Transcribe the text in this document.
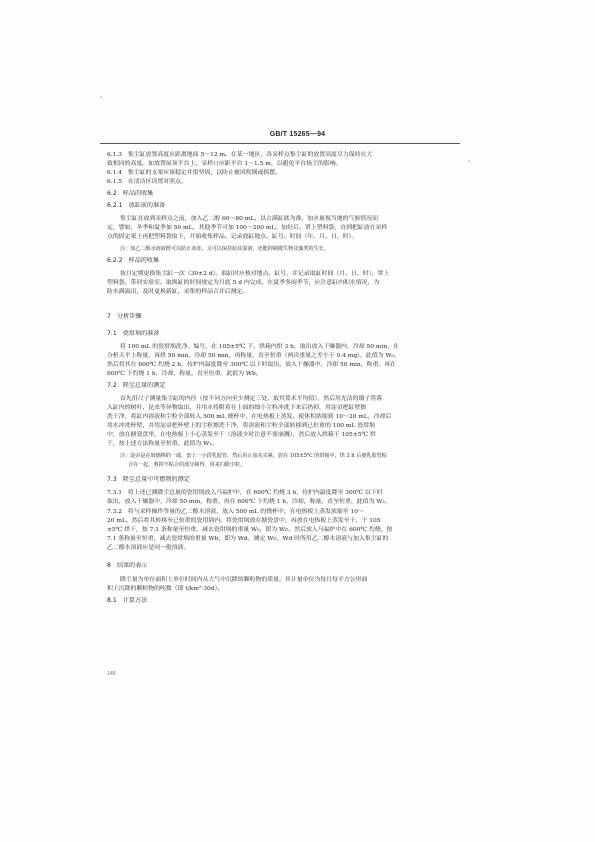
GB/T 15265—94
6.1.3　集尘缸放置高度应距离地面 5～12 m。在某一地区，各采样点集尘缸的放置高度尽力保持在大
致相同的高度。如放置屋顶平台上，采样口应距平台 1～1.5 m，以避免平台扬尘的影响。
6.1.4　集尘缸的支架应该稳定并很坚固，以防止被风吹倒或摇摆。
6.1.5　在清洁区设置对照点。
6.2　样品的收集
6.2.1　放缸前的准备
集尘缸在放到采样点之前，加入乙二醇 60～80 mL，以占满缸底为准，加水量视当地的气候情况而
定，譬如，冬季和夏季加 50 mL，其他季节可加 100～200 mL。加好后，罩上塑料袋，直到把缸放在采样
点的固定架上再把塑料袋取下，开始收集样品。记录放缸地点、缸号、时间（年、月、日、时）。
注：加乙二醇水溶液既可以防止冰冻，又可以保持缸底湿润，还能抑制微生物及藻类的生长。
6.2.2　样品的收集
按月定期更换集尘缸一次（30±2 d）。取缸时应核对地点、缸号，并记录取缸时间（月、日、时），罩上
塑料袋，带回实验室。取换缸的时间规定为月底 5 d 内完成。在夏季多雨季节，应注意缸内积水情况，为
防水满溢出，及时更换新缸，采集的样品合并后测定。
7　分析步骤
7.1　瓷坩埚的准备
将 100 mL 的瓷坩埚洗净、编号，在 105±5℃ 下，烘箱内烘 3 h，取出放入干燥器内，冷却 50 min，在
分析天平上称量，再烘 50 min，冷却 50 min，再称量，直至恒重（两次重量之差小于 0.4 mg），此值为 W₀。
然后将其在 600℃ 灼烧 2 h，待炉内温度降至 300℃ 以下时取出，放入干燥器中，冷却 50 min，称重。再在
600℃ 下灼烧 1 h，冷却，称量，直至恒重。此值为 Wb。
7.2　降尘总量的测定
首先用尺子测量集尘缸的内径（按不同方向至少测定三处，取其算术平均值），然后用光洁的镊子将落
入缸内的树叶、昆虫等异物取出，并用水将附着在上面的细小尘粒冲洗下来后扔掉，用淀帚把缸壁擦
洗干净，将缸内溶液和尘粒全部转入 500 mL 烧杯中，在电热板上蒸发，使体积浓缩到 10～20 mL，冷却后
用水冲洗杯壁，并用淀帚把杯壁上的尘粒擦洗干净，将溶液和尘粒全部转移到已恒重的 100 mL 瓷坩埚
中，放在搪瓷盘里，在电热板上小心蒸发至干（溶液少时注意不要崩溅），然后放入烘箱于 105±5℃ 烘
干，按上述方法称量至恒重。此值为 W₁。
注：淀帚是在玻璃棒的一端，套上一小段乳胶管，然后用止血夹夹紧，放在 105±5℃ 的烘箱中，烘 3 h 后使乳胶管粘
合在一起，剪掉不粘合的部分制得，用来扫除尘粒。
7.3　降尘总量中可燃物的测定
7.3.1　将上述已测降尘总量的瓷坩埚放入马福炉中，在 600℃ 灼烧 3 h，待炉内温度降至 300℃ 以下时
取出，放入干燥器中，冷却 50 min，称重。再在 600℃ 下灼烧 1 h，冷却，称量，直至恒重，此值为 W₂。
7.3.2　将与采样操作等量的乙二醇水溶液，放入 500 mL 的烧杯中，在电热板上蒸发浓缩至 10～
20 mL，然后将其转移至已恒重的瓷坩埚内，将瓷坩埚放在搪瓷盘中，再放在电热板上蒸发至干，于 105
±5℃ 烘干，按 7.1 条称量至恒重，减去瓷坩埚的重量 W₀，即为 Wc。然后放入马福炉中在 600℃ 灼烧，按
7.1 条称量至恒重，减去瓷坩埚的重量 Wb，即为 Wd。测定 Wc、Wd 时所用乙二醇水溶液与加入集尘缸的
乙二醇水溶液应是同一批溶液。
8　结果的表示
降尘量为单位面积上单位时间内从大气中沉降的颗粒物的质量。其计量单位为每月每平方公里面
积上沉降的颗粒物的吨数（即 t/km²·30d）。
8.1　计算方法
148
